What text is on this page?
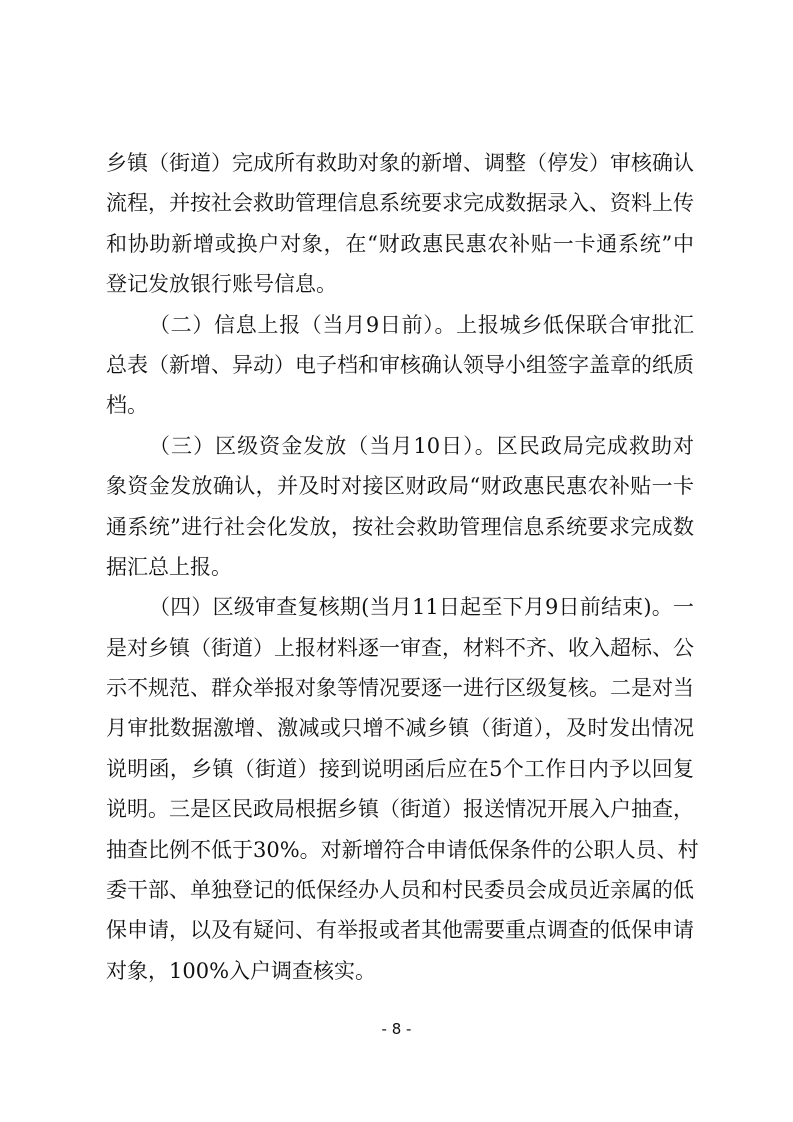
乡镇（街道）完成所有救助对象的新增、调整（停发）审核确认
流程，并按社会救助管理信息系统要求完成数据录入、资料上传
和协助新增或换户对象，在“财政惠民惠农补贴一卡通系统”中
登记发放银行账号信息。
（二）信息上报（当月9日前）。上报城乡低保联合审批汇
总表（新增、异动）电子档和审核确认领导小组签字盖章的纸质
档。
（三）区级资金发放（当月10日）。区民政局完成救助对
象资金发放确认，并及时对接区财政局“财政惠民惠农补贴一卡
通系统”进行社会化发放，按社会救助管理信息系统要求完成数
据汇总上报。
（四）区级审查复核期(当月11日起至下月9日前结束)。一
是对乡镇（街道）上报材料逐一审查，材料不齐、收入超标、公
示不规范、群众举报对象等情况要逐一进行区级复核。二是对当
月审批数据激增、激减或只增不减乡镇（街道），及时发出情况
说明函，乡镇（街道）接到说明函后应在5个工作日内予以回复
说明。三是区民政局根据乡镇（街道）报送情况开展入户抽查，
抽查比例不低于30%。对新增符合申请低保条件的公职人员、村
委干部、单独登记的低保经办人员和村民委员会成员近亲属的低
保申请，以及有疑问、有举报或者其他需要重点调查的低保申请
对象，100%入户调查核实。
- 8 -
